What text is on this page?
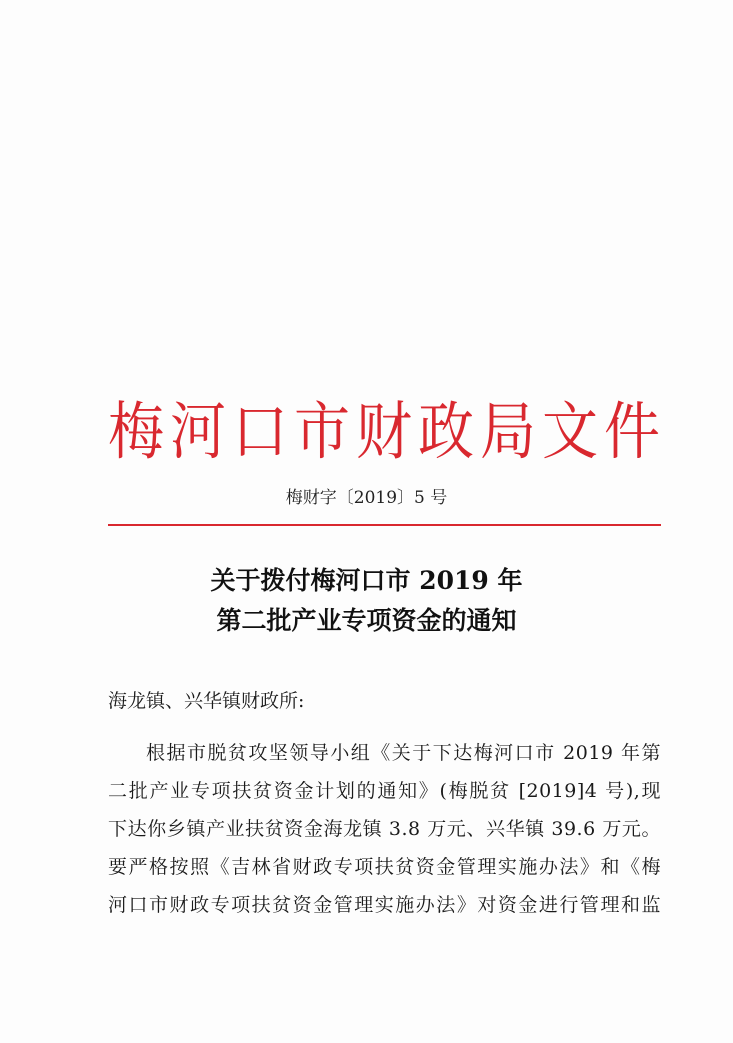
梅 河 口 市 财 政 局 文 件
梅财字〔2019〕5 号
关于拨付梅河口市 2019 年
第二批产业专项资金的通知
海龙镇、兴华镇财政所:
根据市脱贫攻坚领导小组《关于下达梅河口市 2019 年第
二批产业专项扶贫资金计划的通知》(梅脱贫 [2019]4 号),现
下达你乡镇产业扶贫资金海龙镇 3.8 万元、兴华镇 39.6 万元。
要严格按照《吉林省财政专项扶贫资金管理实施办法》和《梅
河口市财政专项扶贫资金管理实施办法》对资金进行管理和监
